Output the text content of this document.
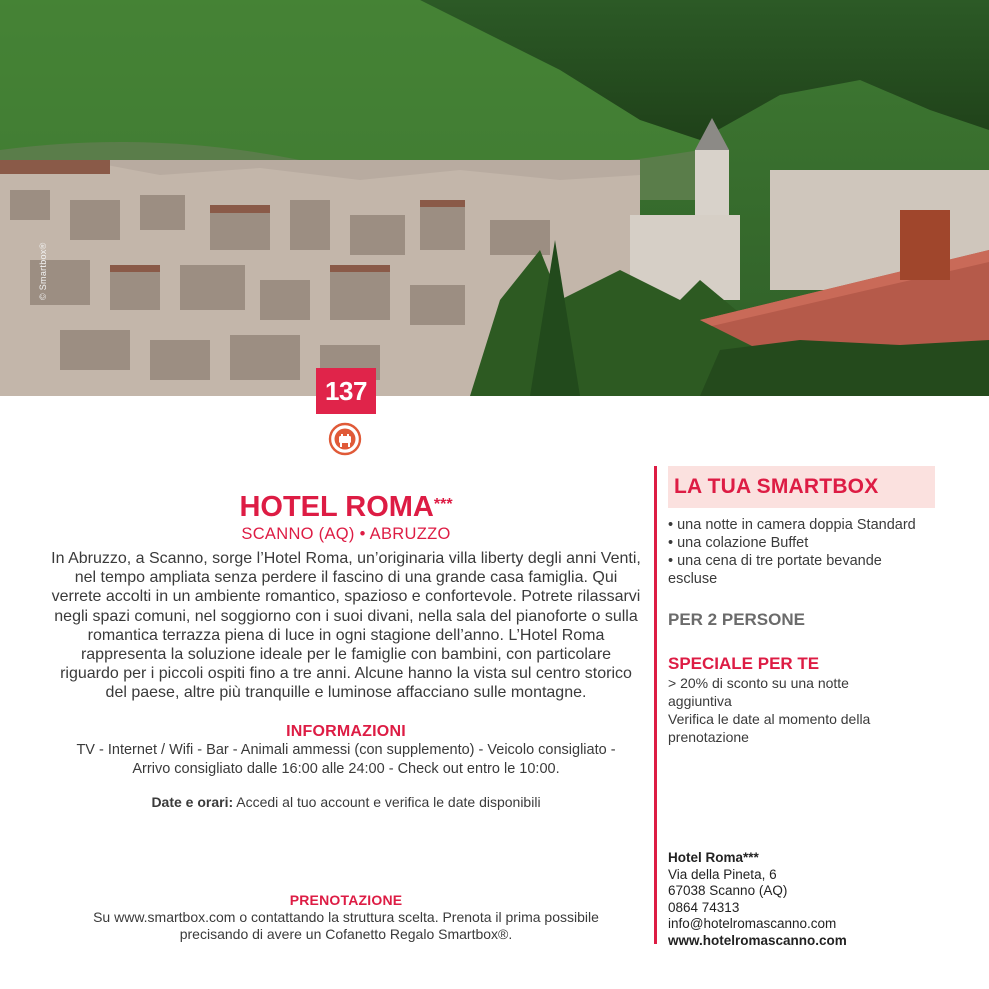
© Smartbox®
137
HOTEL ROMA***

SCANNO (AQ) • ABRUZZO

In Abruzzo, a Scanno, sorge l’Hotel Roma, un’originaria villa liberty degli anni Venti, nel tempo ampliata senza perdere il fascino di una grande casa famiglia. Qui verrete accolti in un ambiente romantico, spazioso e confortevole. Potrete rilassarvi negli spazi comuni, nel soggiorno con i suoi divani, nella sala del pianoforte o sulla romantica terrazza piena di luce in ogni stagione dell’anno. L’Hotel Roma rappresenta la soluzione ideale per le famiglie con bambini, con particolare riguardo per i piccoli ospiti fino a tre anni. Alcune hanno la vista sul centro storico del paese, altre più tranquille e luminose affacciano sulle montagne.

INFORMAZIONI

TV - Internet / Wifi - Bar - Animali ammessi (con supplemento) - Veicolo consigliato -

Arrivo consigliato dalle 16:00 alle 24:00 - Check out entro le 10:00.

Date e orari: Accedi al tuo account e verifica le date disponibili

PRENOTAZIONE

Su www.smartbox.com o contattando la struttura scelta. Prenota il prima possibile

precisando di avere un Cofanetto Regalo Smartbox®.

LA TUA SMARTBOX
• una notte in camera doppia Standard
• una colazione Buffet
• una cena di tre portate bevande
escluse

PER 2 PERSONE

SPECIALE PER TE

> 20% di sconto su una notte

aggiuntiva

Verifica le date al momento della

prenotazione

Hotel Roma***
Via della Pineta, 6
67038 Scanno (AQ)
0864 74313
info@hotelromascanno.com
www.hotelromascanno.com
